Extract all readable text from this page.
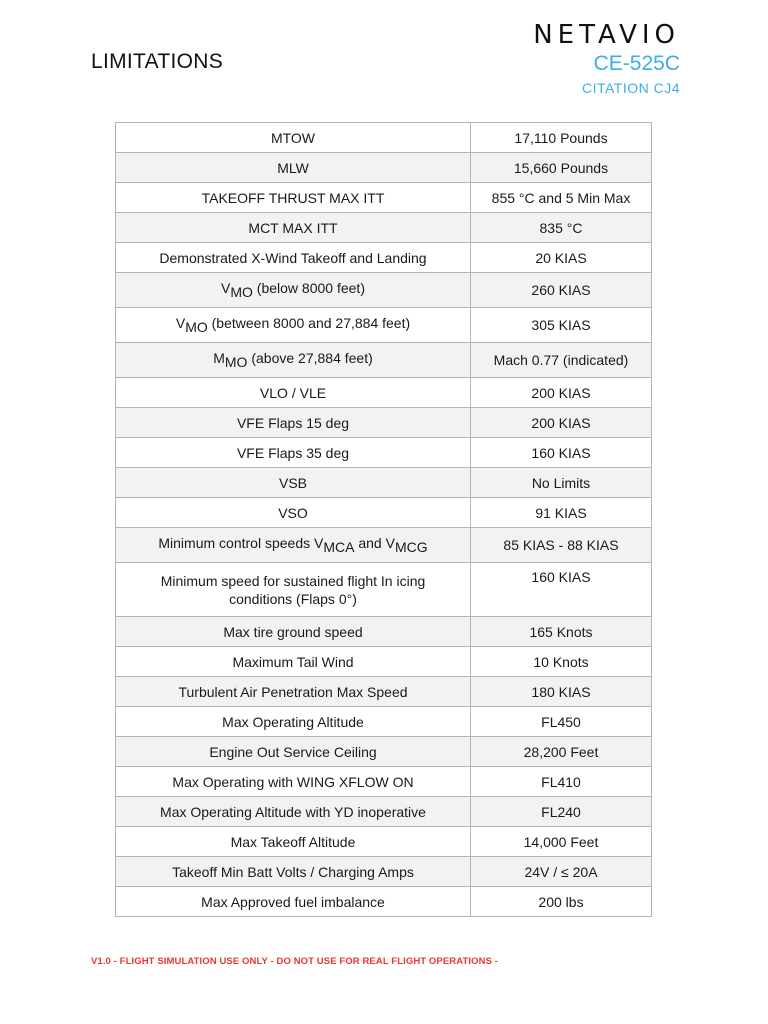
NETAVIO
CE-525C
CITATION CJ4
LIMITATIONS
MTOW	17,110 Pounds
MLW	15,660 Pounds
TAKEOFF THRUST MAX ITT	855 °C and 5 Min Max
MCT MAX ITT	835 °C
Demonstrated X-Wind Takeoff and Landing	20 KIAS
$V_{MO}$ (below 8000 feet)	260 KIAS
$V_{MO}$ (between 8000 and 27,884 feet)	305 KIAS
$M_{MO}$ (above 27,884 feet)	Mach 0.77 (indicated)
VLO / VLE	200 KIAS
VFE Flaps 15 deg	200 KIAS
VFE Flaps 35 deg	160 KIAS
VSB	No Limits
VSO	91 KIAS
Minimum control speeds $V_{MCA}$ and $V_{MCG}$	85 KIAS - 88 KIAS

Minimum speed for sustained flight In icing
conditions (Flaps 0°)	160 KIAS
Max tire ground speed	165 Knots
Maximum Tail Wind	10 Knots
Turbulent Air Penetration Max Speed	180 KIAS
Max Operating Altitude	FL450
Engine Out Service Ceiling	28,200 Feet
Max Operating with WING XFLOW ON	FL410
Max Operating Altitude with YD inoperative	FL240
Max Takeoff Altitude	14,000 Feet
Takeoff Min Batt Volts / Charging Amps	24V / ≤ 20A
Max Approved fuel imbalance	200 lbs
V1.0 - FLIGHT SIMULATION USE ONLY - DO NOT USE FOR REAL FLIGHT OPERATIONS -
